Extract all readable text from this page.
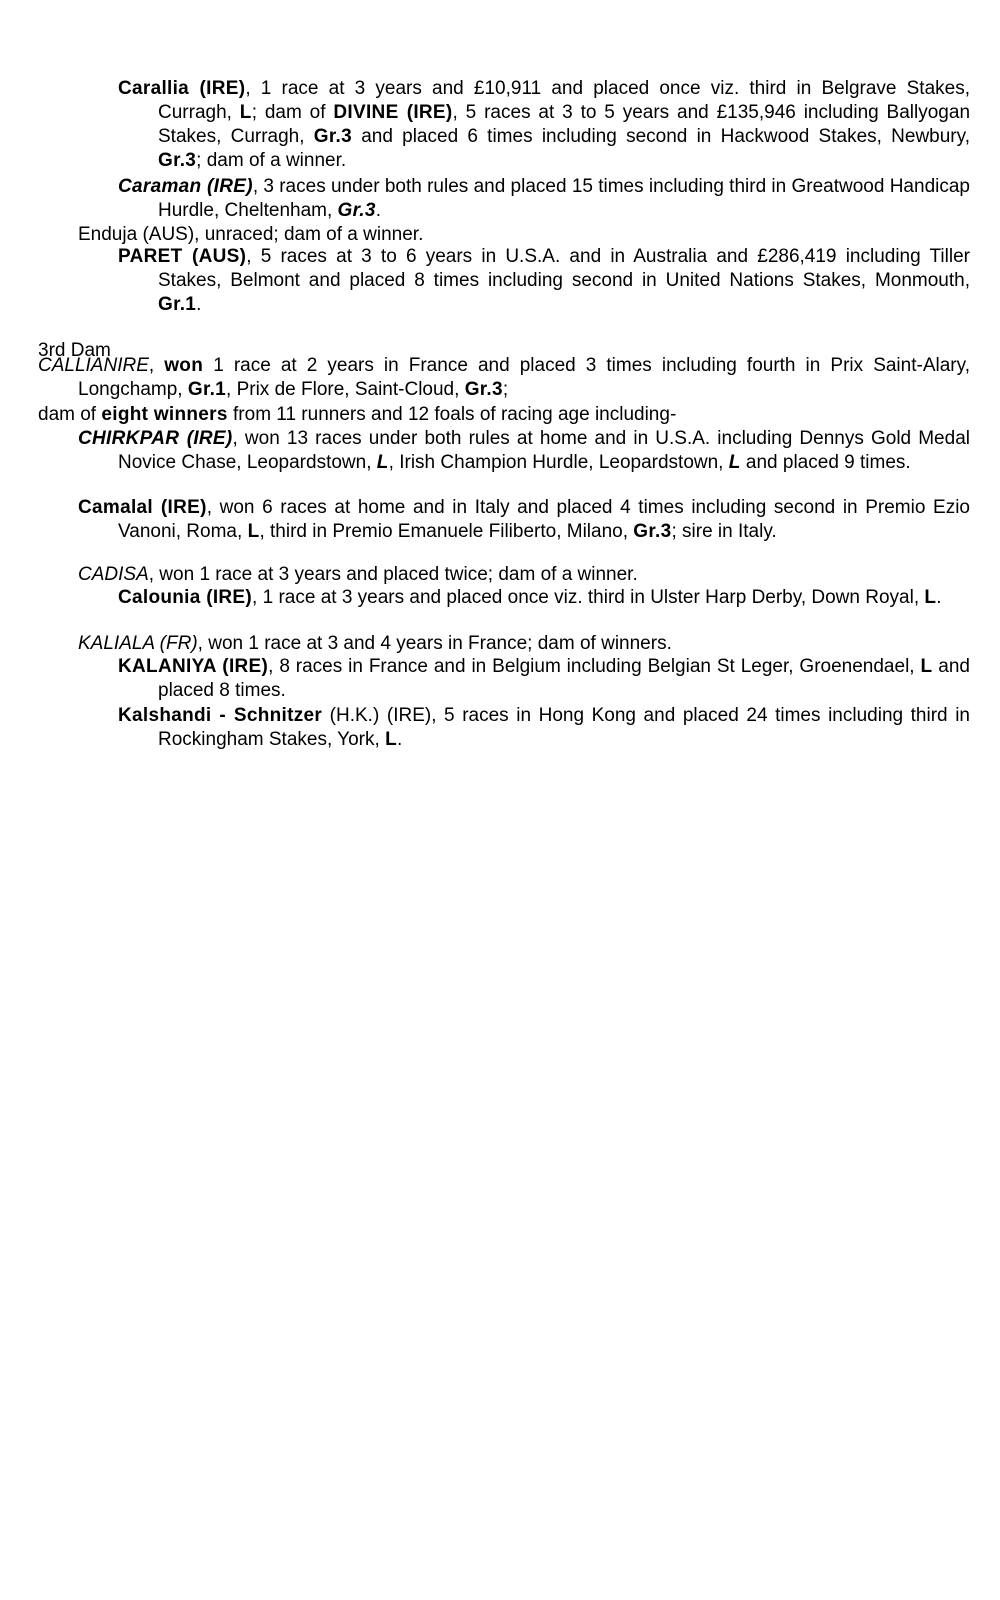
Carallia (IRE), 1 race at 3 years and £10,911 and placed once viz. third in Belgrave Stakes, Curragh, L; dam of DIVINE (IRE), 5 races at 3 to 5 years and £135,946 including Ballyogan Stakes, Curragh, Gr.3 and placed 6 times including second in Hackwood Stakes, Newbury, Gr.3; dam of a winner.

Caraman (IRE), 3 races under both rules and placed 15 times including third in Greatwood Handicap Hurdle, Cheltenham, Gr.3.

Enduja (AUS), unraced; dam of a winner.

PARET (AUS), 5 races at 3 to 6 years in U.S.A. and in Australia and £286,419 including Tiller Stakes, Belmont and placed 8 times including second in United Nations Stakes, Monmouth, Gr.1.

3rd Dam

CALLIANIRE, won 1 race at 2 years in France and placed 3 times including fourth in Prix Saint-Alary, Longchamp, Gr.1, Prix de Flore, Saint-Cloud, Gr.3;

dam of eight winners from 11 runners and 12 foals of racing age including-

CHIRKPAR (IRE), won 13 races under both rules at home and in U.S.A. including Dennys Gold Medal Novice Chase, Leopardstown, L, Irish Champion Hurdle, Leopardstown, L and placed 9 times.

Camalal (IRE), won 6 races at home and in Italy and placed 4 times including second in Premio Ezio Vanoni, Roma, L, third in Premio Emanuele Filiberto, Milano, Gr.3; sire in Italy.

CADISA, won 1 race at 3 years and placed twice; dam of a winner.

Calounia (IRE), 1 race at 3 years and placed once viz. third in Ulster Harp Derby, Down Royal, L.

KALIALA (FR), won 1 race at 3 and 4 years in France; dam of winners.

KALANIYA (IRE), 8 races in France and in Belgium including Belgian St Leger, Groenendael, L and placed 8 times.

Kalshandi - Schnitzer (H.K.) (IRE), 5 races in Hong Kong and placed 24 times including third in Rockingham Stakes, York, L.
